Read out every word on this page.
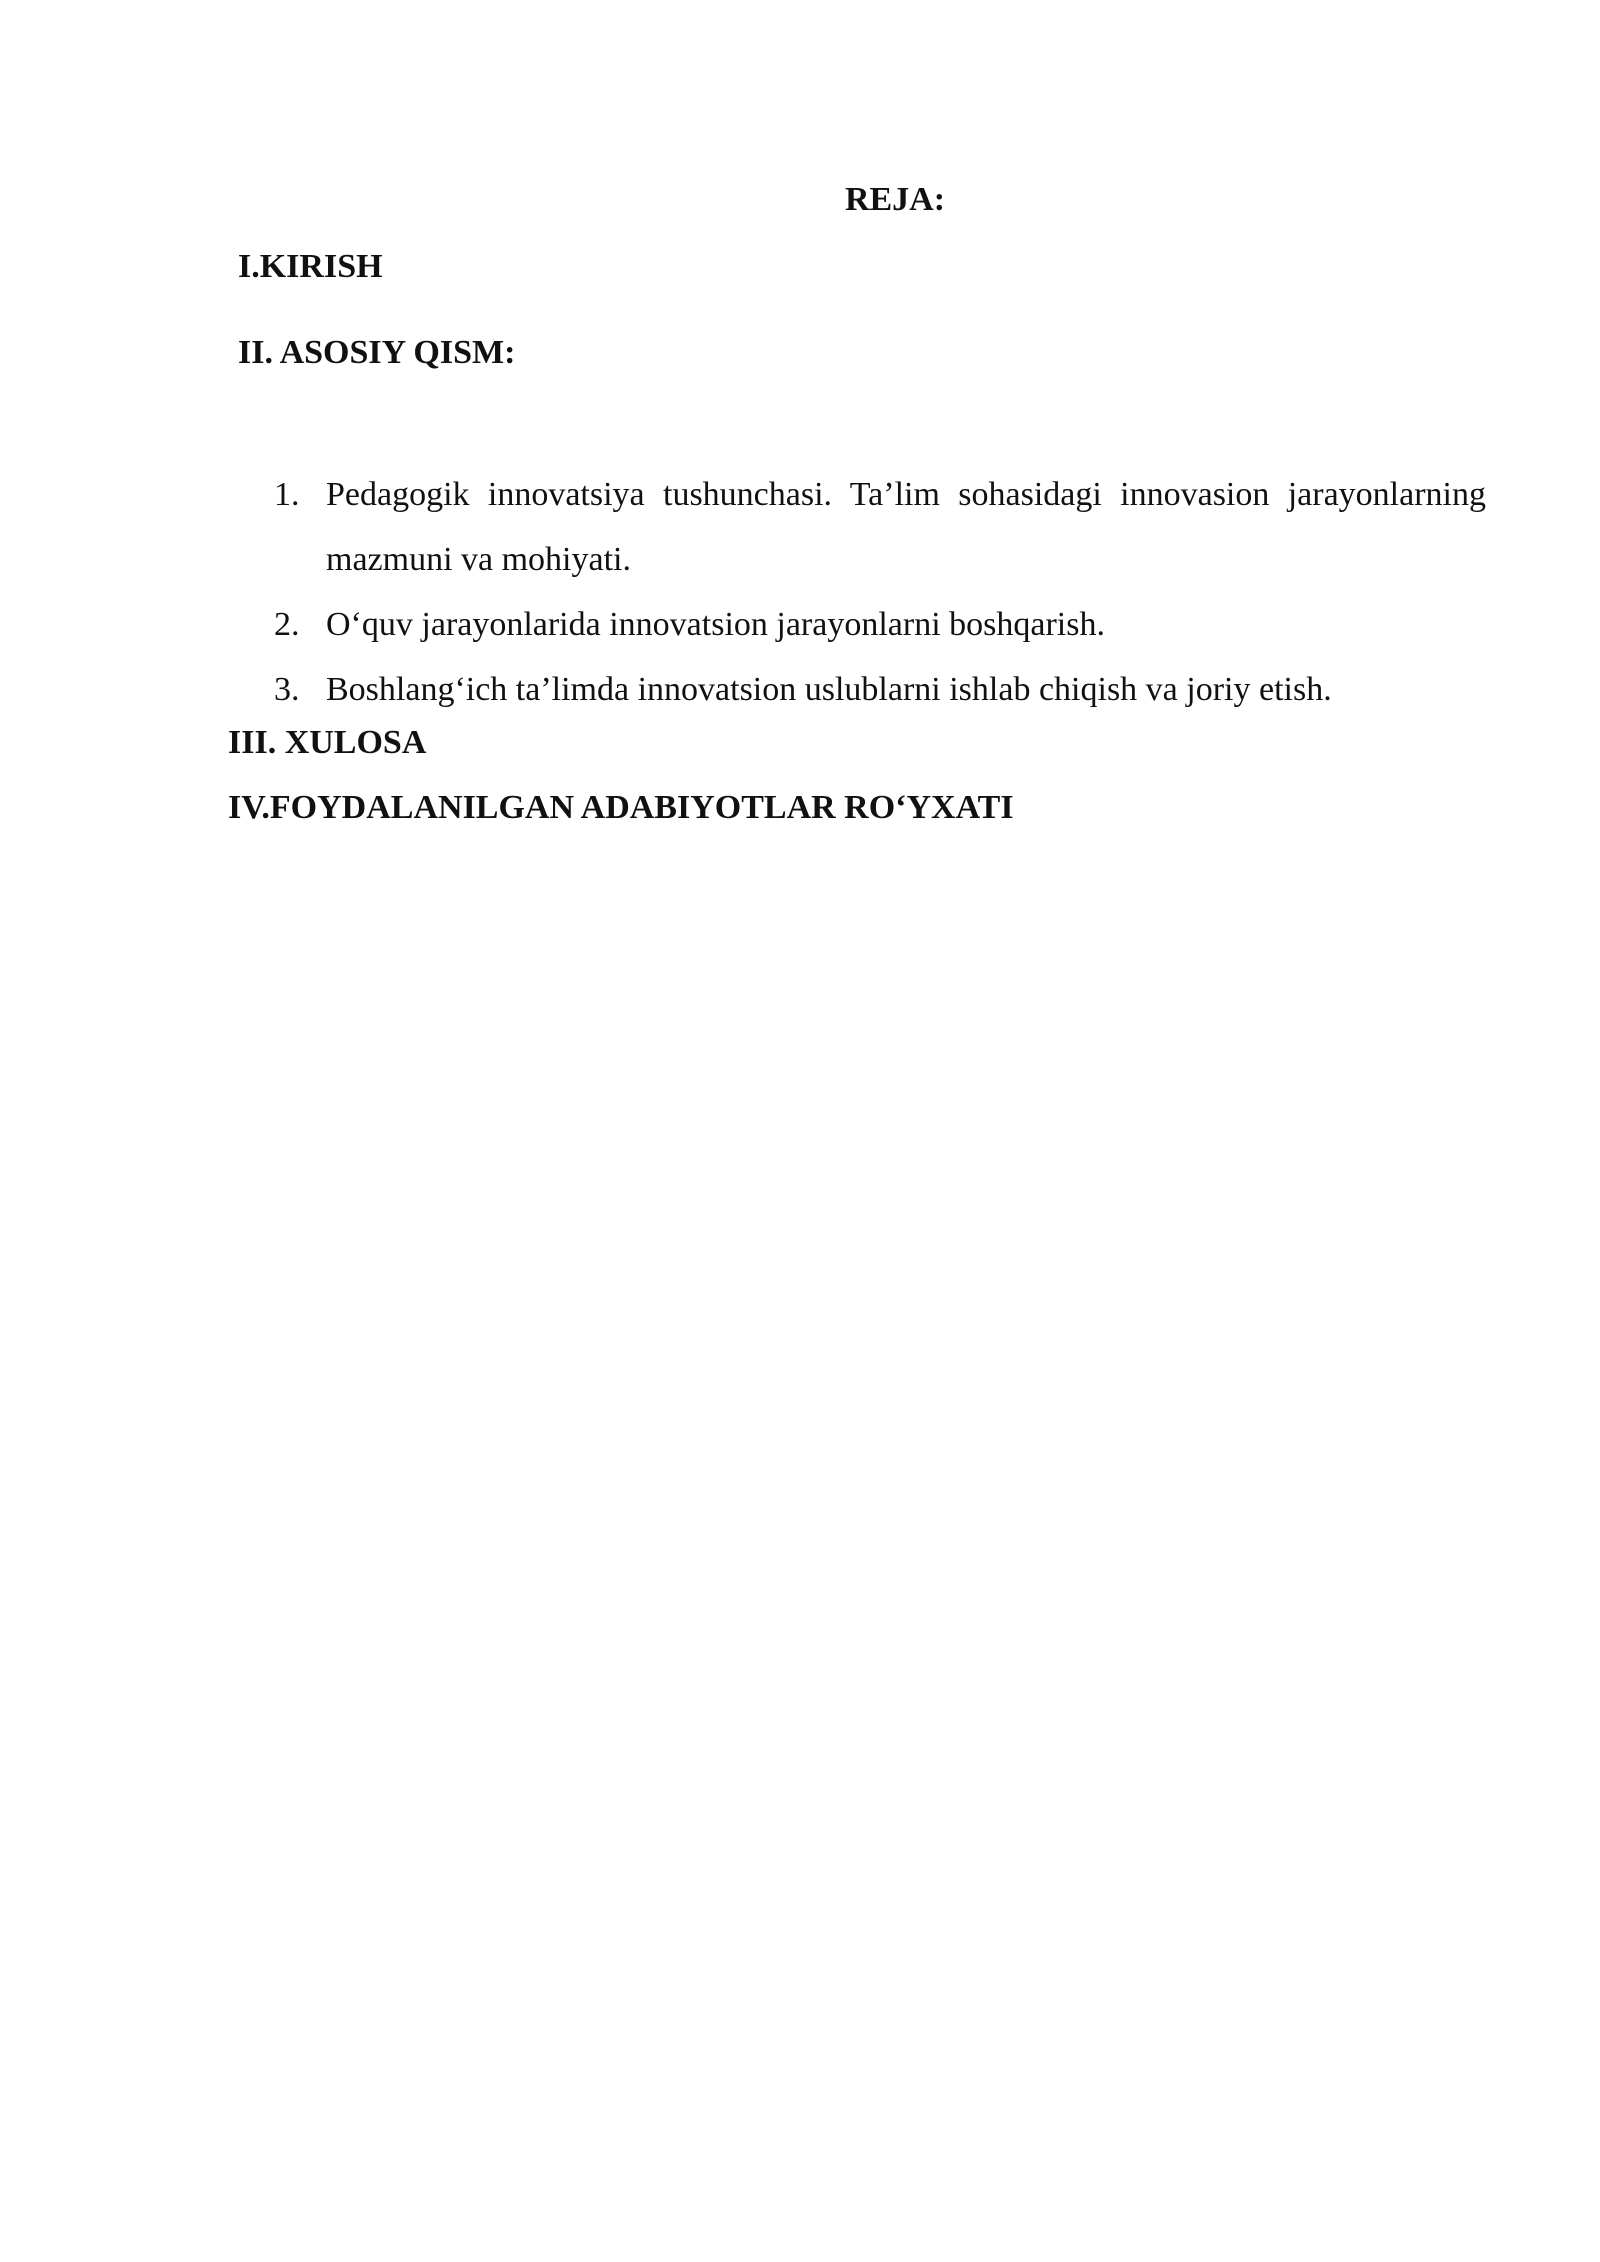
REJA:
I.KIRISH
II. ASOSIY QISM:
1. Pedagogik innovatsiya tushunchasi. Ta’lim sohasidagi innovasion jarayonlarning mazmuni va mohiyati.
2. O‘quv jarayonlarida innovatsion jarayonlarni boshqarish.
3. Boshlang‘ich ta’limda innovatsion uslublarni ishlab chiqish va joriy etish.
III. XULOSA
IV.FOYDALANILGAN ADABIYOTLAR RO‘YXATI
